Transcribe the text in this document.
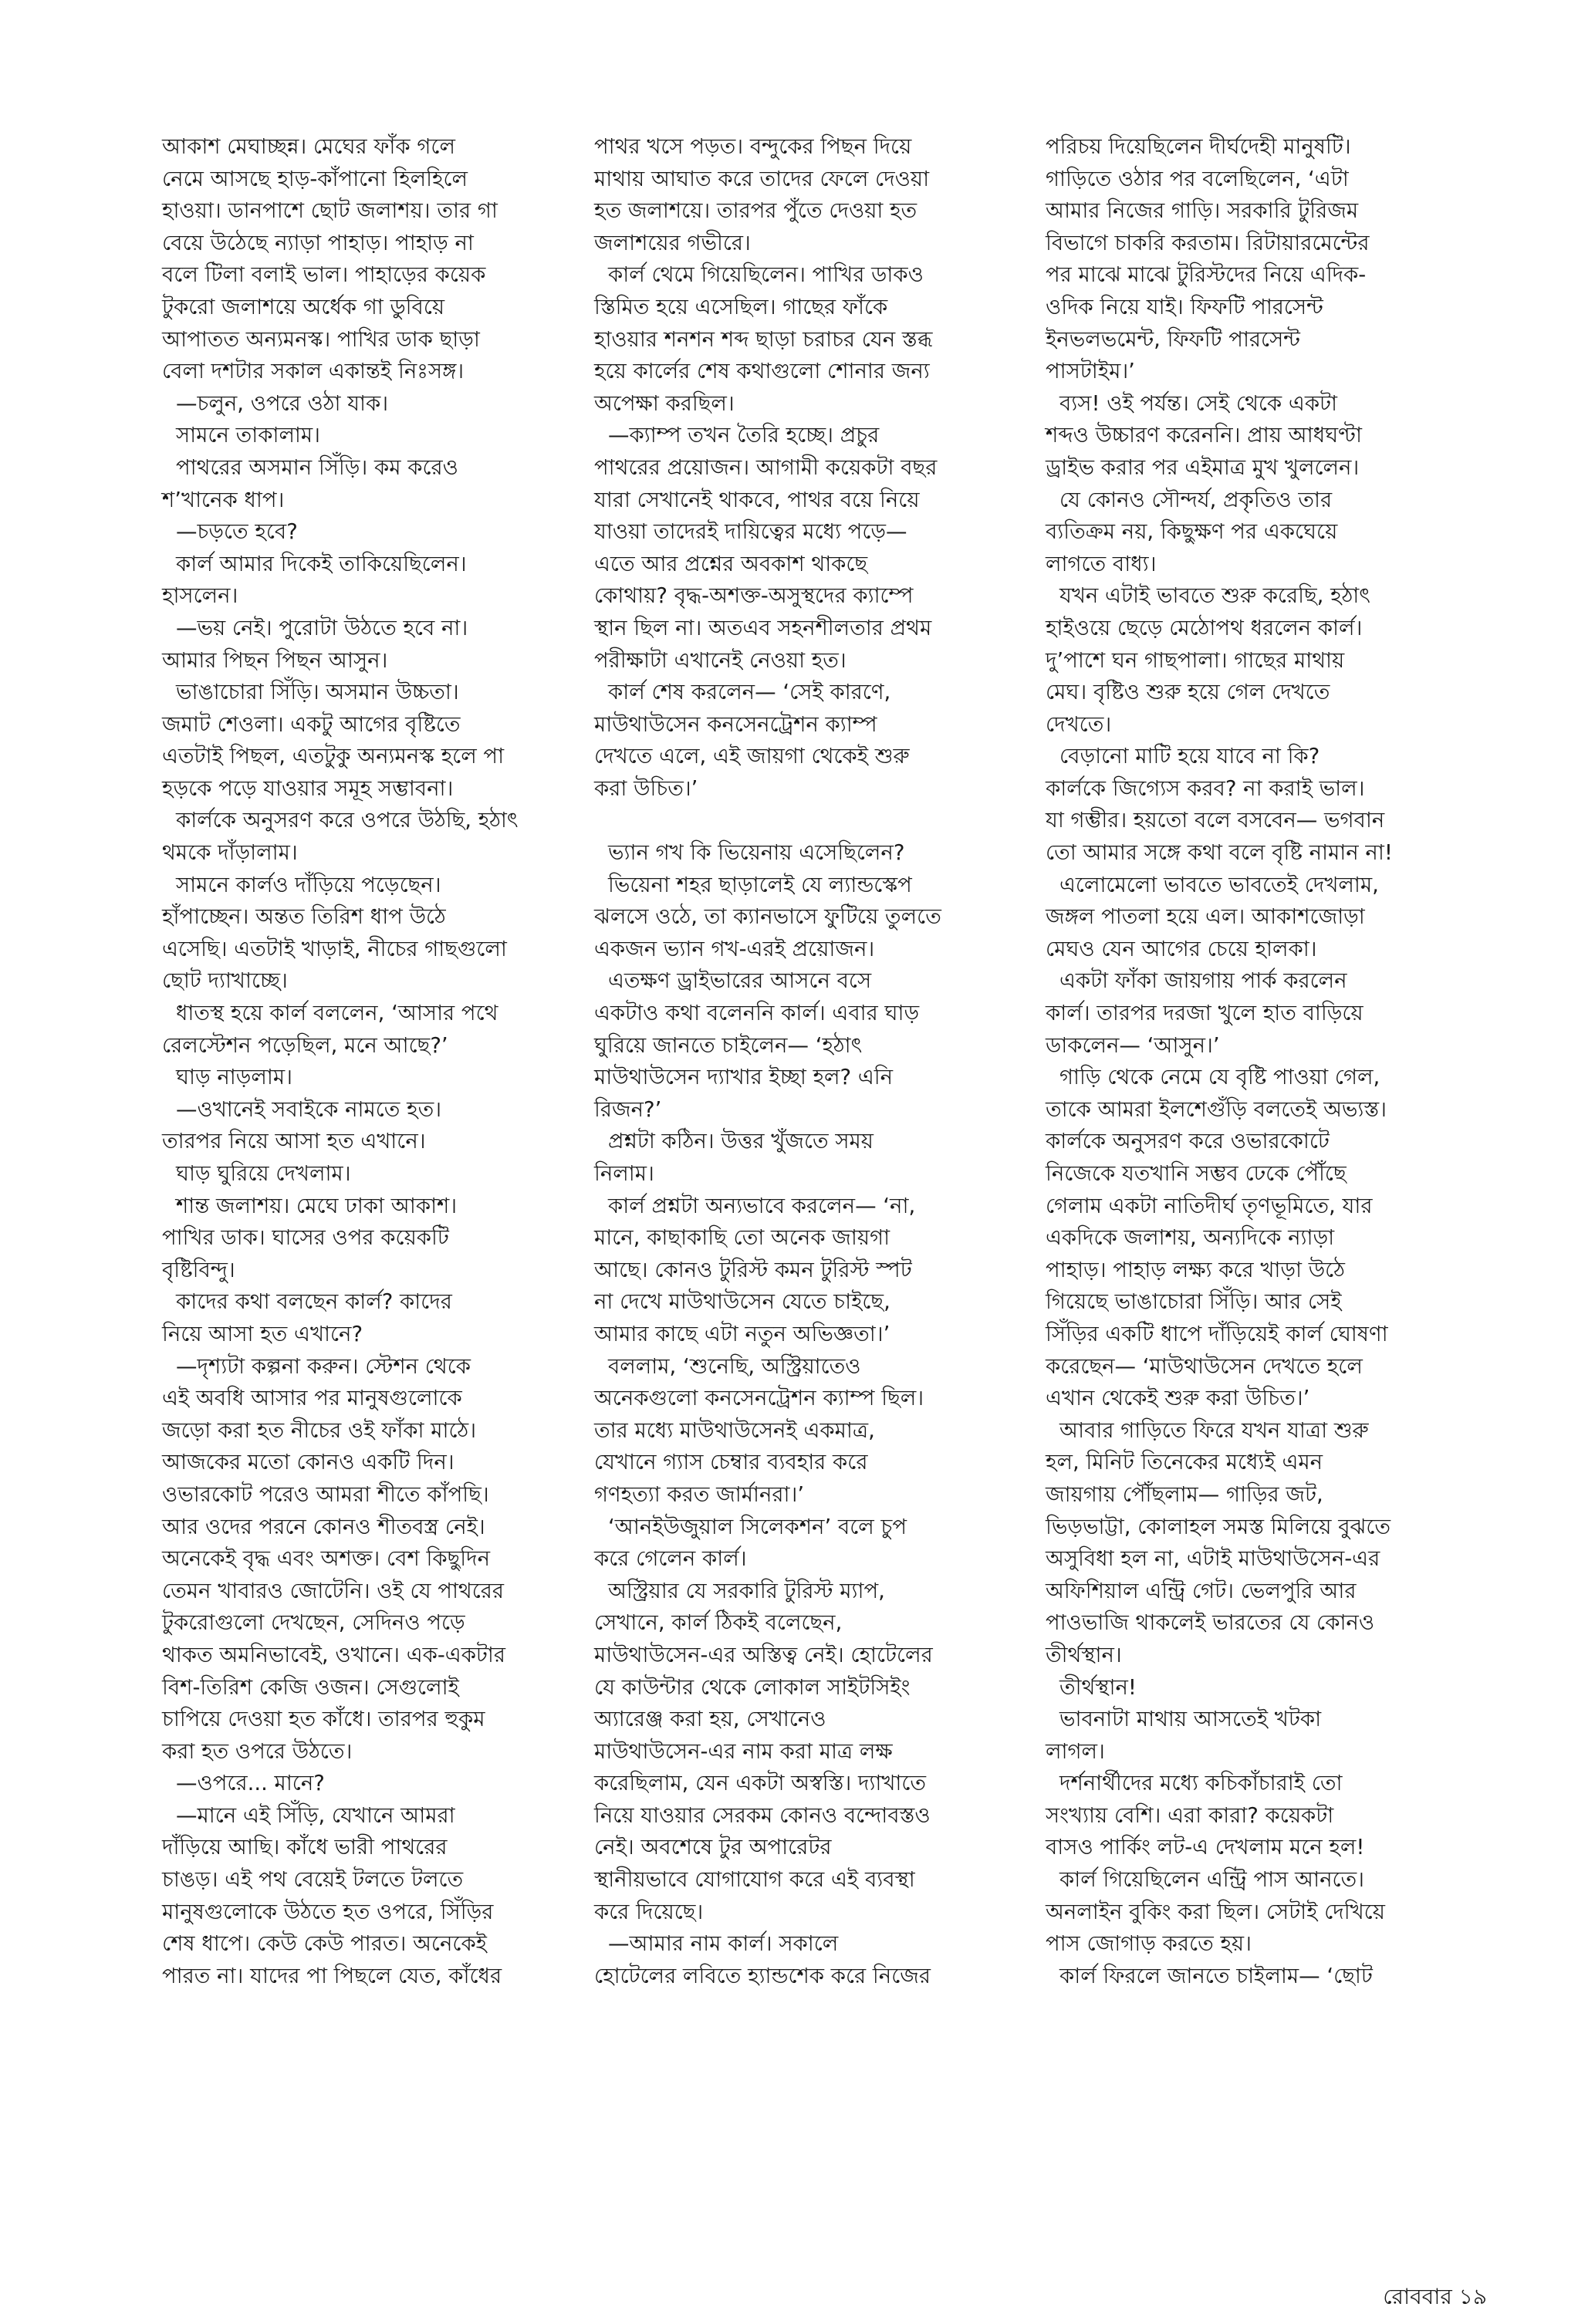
আকাশ মেঘাচ্ছন্ন। মেঘের ফাঁক গলে

নেমে আসছে হাড়-কাঁপানো হিলহিলে

হাওয়া। ডানপাশে ছোট জলাশয়। তার গা

বেয়ে উঠেছে ন্যাড়া পাহাড়। পাহাড় না

বলে টিলা বলাই ভাল। পাহাড়ের কয়েক

টুকরো জলাশয়ে অর্ধেক গা ডুবিয়ে

আপাতত অন্যমনস্ক। পাখির ডাক ছাড়া

বেলা দশটার সকাল একান্তই নিঃসঙ্গ।

—চলুন, ওপরে ওঠা যাক।

সামনে তাকালাম।

পাথরের অসমান সিঁড়ি। কম করেও

শ’খানেক ধাপ।

—চড়তে হবে?

কার্ল আমার দিকেই তাকিয়েছিলেন।

হাসলেন।

—ভয় নেই। পুরোটা উঠতে হবে না।

আমার পিছন পিছন আসুন।

ভাঙাচোরা সিঁড়ি। অসমান উচ্চতা।

জমাট শেওলা। একটু আগের বৃষ্টিতে

এতটাই পিছল, এতটুকু অন্যমনস্ক হলে পা

হড়কে পড়ে যাওয়ার সমূহ সম্ভাবনা।

কার্লকে অনুসরণ করে ওপরে উঠছি, হঠাৎ

থমকে দাঁড়ালাম।

সামনে কার্লও দাঁড়িয়ে পড়েছেন।

হাঁপাচ্ছেন। অন্তত তিরিশ ধাপ উঠে

এসেছি। এতটাই খাড়াই, নীচের গাছগুলো

ছোট দ্যাখাচ্ছে।

ধাতস্থ হয়ে কার্ল বললেন, ‘আসার পথে

রেলস্টেশন পড়েছিল, মনে আছে?’

ঘাড় নাড়লাম।

—ওখানেই সবাইকে নামতে হত।

তারপর নিয়ে আসা হত এখানে।

ঘাড় ঘুরিয়ে দেখলাম।

শান্ত জলাশয়। মেঘে ঢাকা আকাশ।

পাখির ডাক। ঘাসের ওপর কয়েকটি

বৃষ্টিবিন্দু।

কাদের কথা বলছেন কার্ল? কাদের

নিয়ে আসা হত এখানে?

—দৃশ্যটা কল্পনা করুন। স্টেশন থেকে

এই অবধি আসার পর মানুষগুলোকে

জড়ো করা হত নীচের ওই ফাঁকা মাঠে।

আজকের মতো কোনও একটি দিন।

ওভারকোট পরেও আমরা শীতে কাঁপছি।

আর ওদের পরনে কোনও শীতবস্ত্র নেই।

অনেকেই বৃদ্ধ এবং অশক্ত। বেশ কিছুদিন

তেমন খাবারও জোটেনি। ওই যে পাথরের

টুকরোগুলো দেখছেন, সেদিনও পড়ে

থাকত অমনিভাবেই, ওখানে। এক-একটার

বিশ-তিরিশ কেজি ওজন। সেগুলোই

চাপিয়ে দেওয়া হত কাঁধে। তারপর হুকুম

করা হত ওপরে উঠতে।

—ওপরে... মানে?

—মানে এই সিঁড়ি, যেখানে আমরা

দাঁড়িয়ে আছি। কাঁধে ভারী পাথরের

চাঙড়। এই পথ বেয়েই টলতে টলতে

মানুষগুলোকে উঠতে হত ওপরে, সিঁড়ির

শেষ ধাপে। কেউ কেউ পারত। অনেকেই

পারত না। যাদের পা পিছলে যেত, কাঁধের

পাথর খসে পড়ত। বন্দুকের পিছন দিয়ে

মাথায় আঘাত করে তাদের ফেলে দেওয়া

হত জলাশয়ে। তারপর পুঁতে দেওয়া হত

জলাশয়ের গভীরে।

কার্ল থেমে গিয়েছিলেন। পাখির ডাকও

স্তিমিত হয়ে এসেছিল। গাছের ফাঁকে

হাওয়ার শনশন শব্দ ছাড়া চরাচর যেন স্তব্ধ

হয়ে কার্লের শেষ কথাগুলো শোনার জন্য

অপেক্ষা করছিল।

—ক্যাম্প তখন তৈরি হচ্ছে। প্রচুর

পাথরের প্রয়োজন। আগামী কয়েকটা বছর

যারা সেখানেই থাকবে, পাথর বয়ে নিয়ে

যাওয়া তাদেরই দায়িত্বের মধ্যে পড়ে—

এতে আর প্রশ্নের অবকাশ থাকছে

কোথায়? বৃদ্ধ-অশক্ত-অসুস্থদের ক্যাম্পে

স্থান ছিল না। অতএব সহনশীলতার প্রথম

পরীক্ষাটা এখানেই নেওয়া হত।

কার্ল শেষ করলেন— ‘সেই কারণে,

মাউথাউসেন কনসেনট্রেশন ক্যাম্প

দেখতে এলে, এই জায়গা থেকেই শুরু

করা উচিত।’

ভ্যান গখ কি ভিয়েনায় এসেছিলেন?

ভিয়েনা শহর ছাড়ালেই যে ল্যান্ডস্কেপ

ঝলসে ওঠে, তা ক্যানভাসে ফুটিয়ে তুলতে

একজন ভ্যান গখ-এরই প্রয়োজন।

এতক্ষণ ড্রাইভারের আসনে বসে

একটাও কথা বলেননি কার্ল। এবার ঘাড়

ঘুরিয়ে জানতে চাইলেন— ‘হঠাৎ

মাউথাউসেন দ্যাখার ইচ্ছা হল? এনি

রিজন?’

প্রশ্নটা কঠিন। উত্তর খুঁজতে সময়

নিলাম।

কার্ল প্রশ্নটা অন্যভাবে করলেন— ‘না,

মানে, কাছাকাছি তো অনেক জায়গা

আছে। কোনও টুরিস্ট কমন টুরিস্ট স্পট

না দেখে মাউথাউসেন যেতে চাইছে,

আমার কাছে এটা নতুন অভিজ্ঞতা।’

বললাম, ‘শুনেছি, অস্ট্রিয়াতেও

অনেকগুলো কনসেনট্রেশন ক্যাম্প ছিল।

তার মধ্যে মাউথাউসেনই একমাত্র,

যেখানে গ্যাস চেম্বার ব্যবহার করে

গণহত্যা করত জার্মানরা।’

‘আনইউজুয়াল সিলেকশন’ বলে চুপ

করে গেলেন কার্ল।

অস্ট্রিয়ার যে সরকারি টুরিস্ট ম্যাপ,

সেখানে, কার্ল ঠিকই বলেছেন,

মাউথাউসেন-এর অস্তিত্ব নেই। হোটেলের

যে কাউন্টার থেকে লোকাল সাইটসিইং

অ্যারেঞ্জ করা হয়, সেখানেও

মাউথাউসেন-এর নাম করা মাত্র লক্ষ

করেছিলাম, যেন একটা অস্বস্তি। দ্যাখাতে

নিয়ে যাওয়ার সেরকম কোনও বন্দোবস্তও

নেই। অবশেষে টুর অপারেটর

স্থানীয়ভাবে যোগাযোগ করে এই ব্যবস্থা

করে দিয়েছে।

—আমার নাম কার্ল। সকালে

হোটেলের লবিতে হ্যান্ডশেক করে নিজের

পরিচয় দিয়েছিলেন দীর্ঘদেহী মানুষটি।

গাড়িতে ওঠার পর বলেছিলেন, ‘এটা

আমার নিজের গাড়ি। সরকারি টুরিজম

বিভাগে চাকরি করতাম। রিটায়ারমেন্টের

পর মাঝে মাঝে টুরিস্টদের নিয়ে এদিক-

ওদিক নিয়ে যাই। ফিফটি পারসেন্ট

ইনভলভমেন্ট, ফিফটি পারসেন্ট

পাসটাইম।’

ব্যস! ওই পর্যন্ত। সেই থেকে একটা

শব্দও উচ্চারণ করেননি। প্রায় আধঘণ্টা

ড্রাইভ করার পর এইমাত্র মুখ খুললেন।

যে কোনও সৌন্দর্য, প্রকৃতিও তার

ব্যতিক্রম নয়, কিছুক্ষণ পর একঘেয়ে

লাগতে বাধ্য।

যখন এটাই ভাবতে শুরু করেছি, হঠাৎ

হাইওয়ে ছেড়ে মেঠোপথ ধরলেন কার্ল।

দু’পাশে ঘন গাছপালা। গাছের মাথায়

মেঘ। বৃষ্টিও শুরু হয়ে গেল দেখতে

দেখতে।

বেড়ানো মাটি হয়ে যাবে না কি?

কার্লকে জিগ্যেস করব? না করাই ভাল।

যা গম্ভীর। হয়তো বলে বসবেন— ভগবান

তো আমার সঙ্গে কথা বলে বৃষ্টি নামান না!

এলোমেলো ভাবতে ভাবতেই দেখলাম,

জঙ্গল পাতলা হয়ে এল। আকাশজোড়া

মেঘও যেন আগের চেয়ে হালকা।

একটা ফাঁকা জায়গায় পার্ক করলেন

কার্ল। তারপর দরজা খুলে হাত বাড়িয়ে

ডাকলেন— ‘আসুন।’

গাড়ি থেকে নেমে যে বৃষ্টি পাওয়া গেল,

তাকে আমরা ইলশেগুঁড়ি বলতেই অভ্যস্ত।

কার্লকে অনুসরণ করে ওভারকোটে

নিজেকে যতখানি সম্ভব ঢেকে পৌঁছে

গেলাম একটা নাতিদীর্ঘ তৃণভূমিতে, যার

একদিকে জলাশয়, অন্যদিকে ন্যাড়া

পাহাড়। পাহাড় লক্ষ্য করে খাড়া উঠে

গিয়েছে ভাঙাচোরা সিঁড়ি। আর সেই

সিঁড়ির একটি ধাপে দাঁড়িয়েই কার্ল ঘোষণা

করেছেন— ‘মাউথাউসেন দেখতে হলে

এখান থেকেই শুরু করা উচিত।’

আবার গাড়িতে ফিরে যখন যাত্রা শুরু

হল, মিনিট তিনেকের মধ্যেই এমন

জায়গায় পৌঁছলাম— গাড়ির জট,

ভিড়ভাট্টা, কোলাহল সমস্ত মিলিয়ে বুঝতে

অসুবিধা হল না, এটাই মাউথাউসেন-এর

অফিশিয়াল এন্ট্রি গেট। ভেলপুরি আর

পাওভাজি থাকলেই ভারতের যে কোনও

তীর্থস্থান।

তীর্থস্থান!

ভাবনাটা মাথায় আসতেই খটকা

লাগল।

দর্শনার্থীদের মধ্যে কচিকাঁচারাই তো

সংখ্যায় বেশি। এরা কারা? কয়েকটা

বাসও পার্কিং লট-এ দেখলাম মনে হল!

কার্ল গিয়েছিলেন এন্ট্রি পাস আনতে।

অনলাইন বুকিং করা ছিল। সেটাই দেখিয়ে

পাস জোগাড় করতে হয়।

কার্ল ফিরলে জানতে চাইলাম— ‘ছোট

রোববার ১৯
